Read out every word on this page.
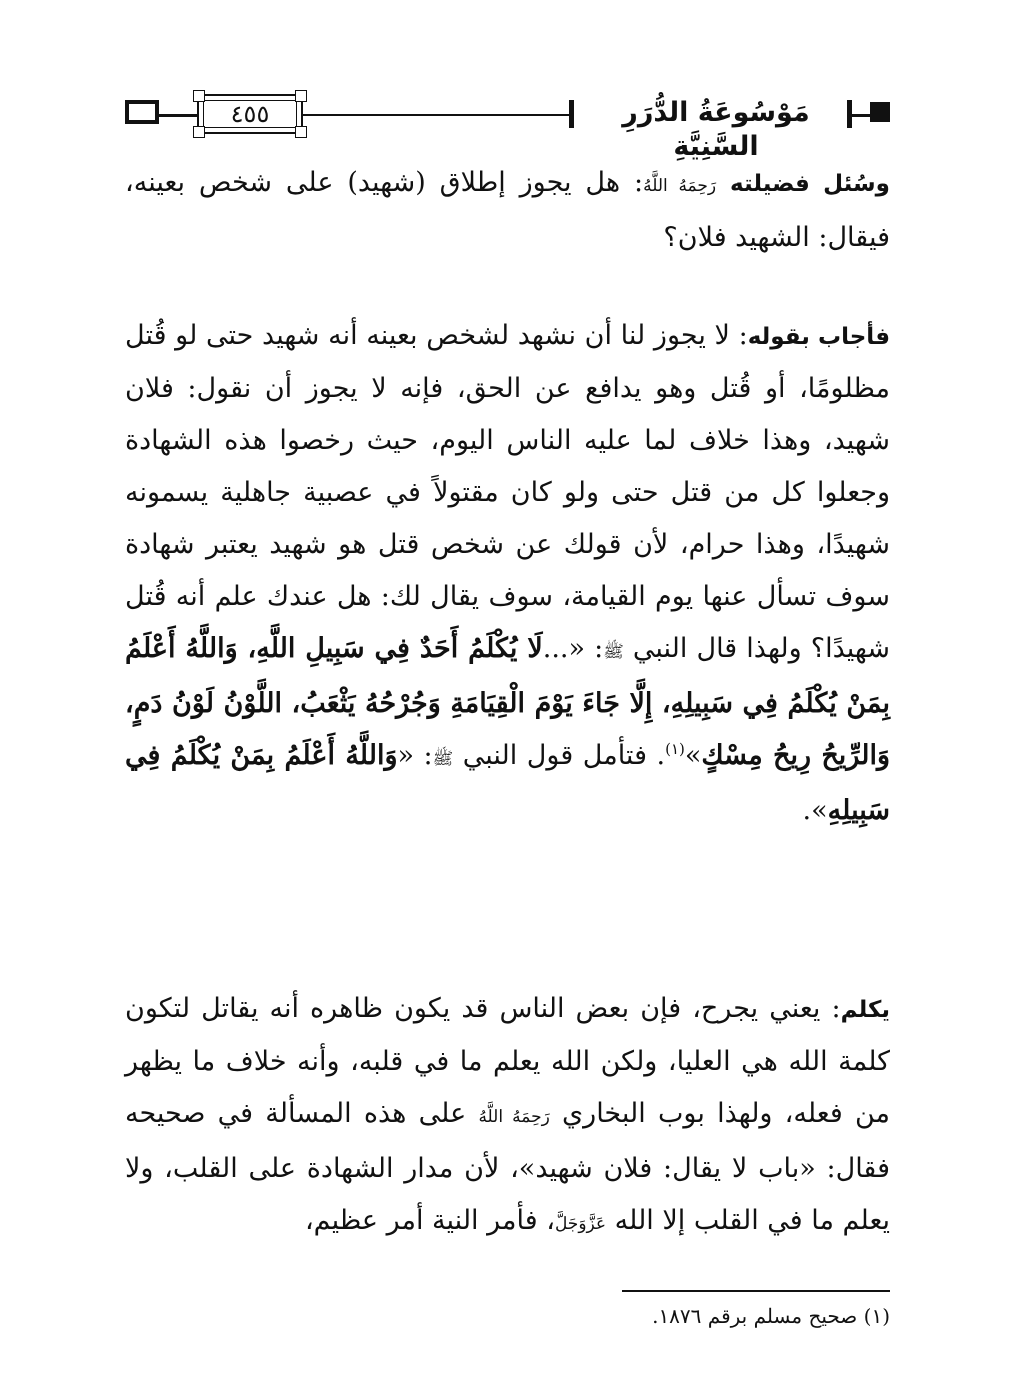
٤٥٥	مَوْسُوعَةُ الدُّرَرِ السَّنِيَّةِ
وسُئل فضيلته رَحِمَهُ اللَّهُ: هل يجوز إطلاق (شهيد) على شخص بعينه، فيقال: الشهيد فلان؟
فأجاب بقوله: لا يجوز لنا أن نشهد لشخص بعينه أنه شهيد حتى لو قُتل مظلومًا، أو قُتل وهو يدافع عن الحق، فإنه لا يجوز أن نقول: فلان شهيد، وهذا خلاف لما عليه الناس اليوم، حيث رخصوا هذه الشهادة وجعلوا كل من قتل حتى ولو كان مقتولاً في عصبية جاهلية يسمونه شهيدًا، وهذا حرام، لأن قولك عن شخص قتل هو شهيد يعتبر شهادة سوف تسأل عنها يوم القيامة، سوف يقال لك: هل عندك علم أنه قُتل شهيدًا؟ ولهذا قال النبي ﷺ: «...لَا يُكْلَمُ أَحَدٌ فِي سَبِيلِ اللَّهِ، وَاللَّهُ أَعْلَمُ بِمَنْ يُكْلَمُ فِي سَبِيلِهِ، إِلَّا جَاءَ يَوْمَ الْقِيَامَةِ وَجُرْحُهُ يَثْعَبُ، اللَّوْنُ لَوْنُ دَمٍ، وَالرِّيحُ رِيحُ مِسْكٍ»$^{(١)}$. فتأمل قول النبي ﷺ: «وَاللَّهُ أَعْلَمُ بِمَنْ يُكْلَمُ فِي سَبِيلِهِ».
يكلم: يعني يجرح، فإن بعض الناس قد يكون ظاهره أنه يقاتل لتكون كلمة الله هي العليا، ولكن الله يعلم ما في قلبه، وأنه خلاف ما يظهر من فعله، ولهذا بوب البخاري رَحِمَهُ اللَّهُ على هذه المسألة في صحيحه فقال: «باب لا يقال: فلان شهيد»، لأن مدار الشهادة على القلب، ولا يعلم ما في القلب إلا الله عَزَّوَجَلَّ، فأمر النية أمر عظيم،
(١) صحيح مسلم برقم ١٨٧٦.
